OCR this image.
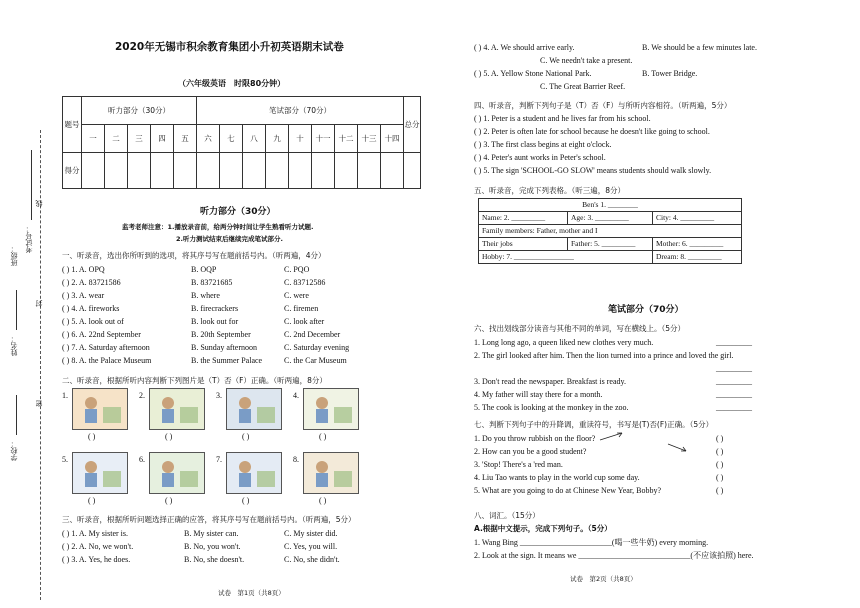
学校：
姓名：
班级：
考试号：
线
封
密
2020年无锡市积余教育集团小升初英语期末试卷
（六年级英语　时限80分钟）
题号	听力部分（30分）					笔试部分（70分）									总分
	一	二	三	四	五	六	七	八	九	十	十一	十二	十三	十四	
得分															
听力部分（30分）
监考老师注意：1.播放录音前，给两分钟时间让学生熟看听力试题.
2.听力测试结束后继续完成笔试部分.
一、听录音，选出你所听到的选项，将其序号写在题前括号内。（听两遍，4分）
( ) 1. A. OPQ	B. OQP	C. PQO
( ) 2. A. 83721586	B. 83721685	C. 83712586
( ) 3. A. wear	B. where	C. were
( ) 4. A. fireworks	B. firecrackers	C. firemen
( ) 5. A. look out of	B. look out for	C. look after
( ) 6. A. 22nd September	B. 20th September	C. 2nd December
( ) 7. A. Saturday afternoon	B. Sunday afternoon	C. Saturday evening
( ) 8. A. the Palace Museum	B. the Summer Palace	C. the Car Museum
二、听录音，根据所听内容判断下列图片是（T）否（F）正确。（听两遍，8分）
1.
( )
2.
( )
3.
( )
4.
( )
5.
( )
6.
( )
7.
( )
8.
( )
三、听录音，根据所听问题选择正确的应答，将其序号写在题前括号内。（听两遍，5分）
( ) 1. A. My sister is.	B. My sister can.	C. My sister did.
( ) 2. A. No, we won't.	B. No, you won't.	C. Yes, you will.
( ) 3. A. Yes, he does.	B. No, she doesn't.	C. No, she didn't.
试卷　第1页（共8页）
( ) 4. A. We should arrive early.	B. We should be a few minutes late.
C. We needn't take a present.
( ) 5. A. Yellow Stone National Park.	B. Tower Bridge.
C. The Great Barrier Reef.
四、听录音，判断下列句子是（T）否（F）与所听内容相符。（听两遍，5分）
( ) 1. Peter is a student and he lives far from his school.
( ) 2. Peter is often late for school because he doesn't like going to school.
( ) 3. The first class begins at eight o'clock.
( ) 4. Peter's aunt works in Peter's school.
( ) 5. The sign 'SCHOOL-GO SLOW' means students should walk slowly.
五、听录音，完成下列表格。（听三遍，8分）
Ben's 1. ________		
Name: 2. _________	Age: 3. _________	City: 4. _________
Family members: Father, mother and I		
Their jobs	Father: 5. _________	Mother: 6. _________
Hobby: 7. ________________		Dream: 8. _________
笔试部分（70分）
六、找出划线部分读音与其他不同的单词，写在横线上。（5分）
1. Long long ago, a queen liked new clothes very much.	_________
2. The girl looked after him. Then the lion turned into a prince and loved the girl.
_________
3. Don't read the newspaper. Breakfast is ready.	_________
4. My father will stay there for a month.	_________
5. The cook is looking at the monkey in the zoo.	_________
七、判断下列句子中的升降调，重读符号，书写是(T)否(F)正确。（5分）
1. Do you throw rubbish on the floor?	( )
2. How can you be a good student?	( )
3. 'Stop! There's a 'red man.	( )
4. Liu Tao wants to play in the world cup some day.	( )
5. What are you going to do at Chinese New Year, Bobby?	( )
八、词汇。（15分）
A.根据中文提示，完成下列句子。（5分）
1. Wang Bing _______________________(喝一些牛奶) every morning.
2. Look at the sign. It means we ____________________________(不应该拍照) here.
试卷　第2页（共8页）
